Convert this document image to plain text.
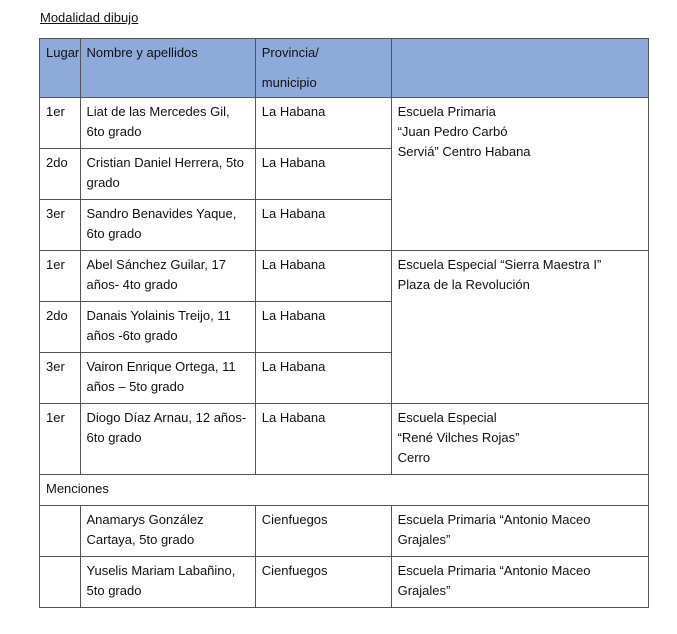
Modalidad dibujo
Lugar	Nombre y apellidos	Provincia/
municipio	

1er	Liat de las Mercedes Gil, 6to grado	La Habana	Escuela Primaria
“Juan Pedro Carbó
Serviá” Centro Habana

2do	Cristian Daniel Herrera, 5to grado	La Habana	
3er	Sandro Benavides Yaque, 6to grado	La Habana	
1er	Abel Sánchez Guilar, 17 años- 4to grado	La Habana	Escuela Especial “Sierra Maestra I”
Plaza de la Revolución

2do	Danais Yolainis Treijo, 11 años -6to grado	La Habana	
3er	Vairon Enrique Ortega, 11 años – 5to grado	La Habana	
1er	Diogo Díaz Arnau, 12 años-6to grado	La Habana	Escuela Especial
“René Vilches Rojas”
Cerro

Menciones			
	Anamarys González Cartaya, 5to grado	Cienfuegos	Escuela Primaria “Antonio Maceo Grajales”
	Yuselis Mariam Labañino, 5to grado	Cienfuegos	Escuela Primaria “Antonio Maceo Grajales”
